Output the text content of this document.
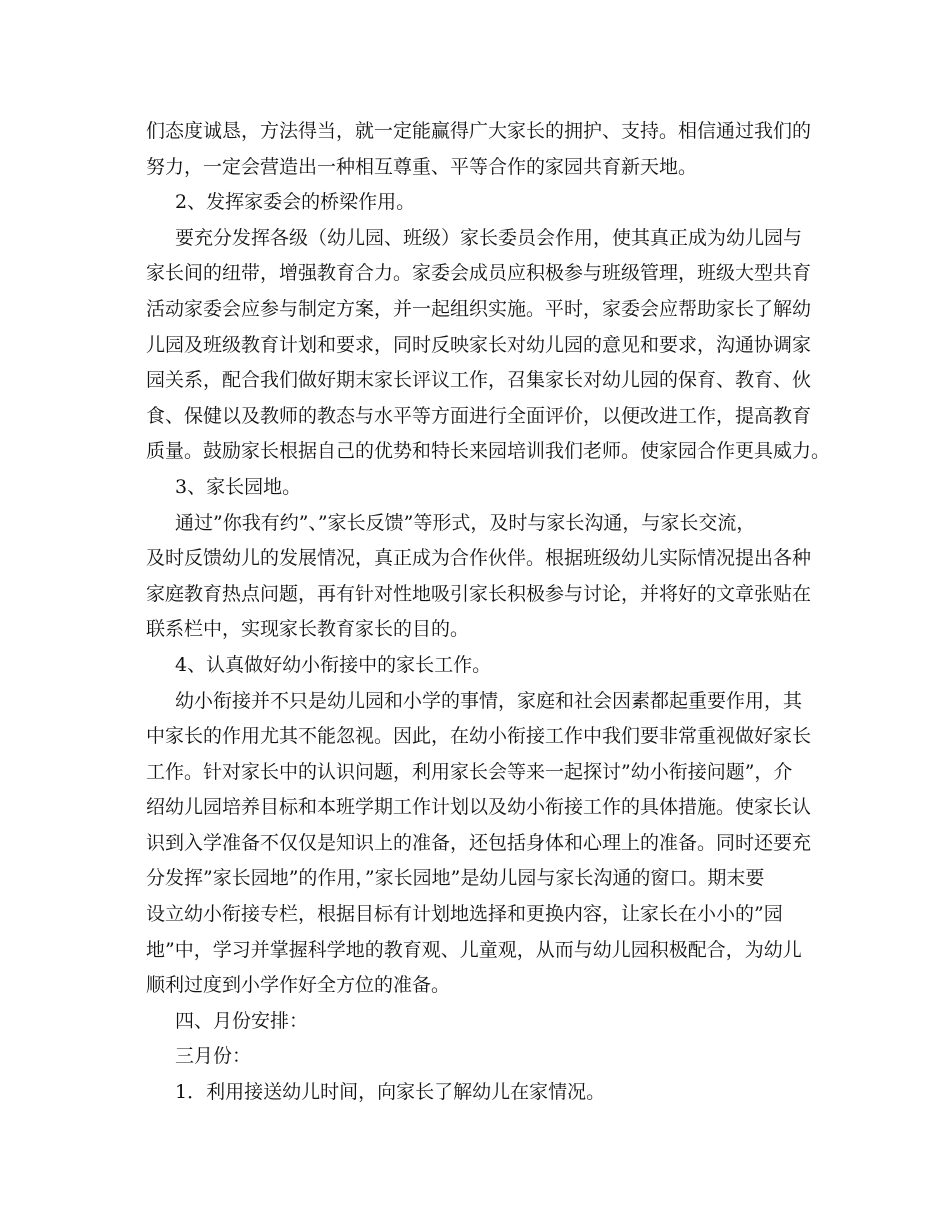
们态度诚恳，方法得当，就一定能赢得广大家长的拥护、支持。相信通过我们的
努力，一定会营造出一种相互尊重、平等合作的家园共育新天地。
2、发挥家委会的桥梁作用。
要充分发挥各级（幼儿园、班级）家长委员会作用，使其真正成为幼儿园与
家长间的纽带，增强教育合力。家委会成员应积极参与班级管理，班级大型共育
活动家委会应参与制定方案，并一起组织实施。平时，家委会应帮助家长了解幼
儿园及班级教育计划和要求，同时反映家长对幼儿园的意见和要求，沟通协调家
园关系，配合我们做好期末家长评议工作，召集家长对幼儿园的保育、教育、伙
食、保健以及教师的教态与水平等方面进行全面评价，以便改进工作，提高教育
质量。鼓励家长根据自己的优势和特长来园培训我们老师。使家园合作更具威力。
3、家长园地。
通过”你我有约”、”家长反馈”等形式，及时与家长沟通，与家长交流，
及时反馈幼儿的发展情况，真正成为合作伙伴。根据班级幼儿实际情况提出各种
家庭教育热点问题，再有针对性地吸引家长积极参与讨论，并将好的文章张贴在
联系栏中，实现家长教育家长的目的。
4、认真做好幼小衔接中的家长工作。
幼小衔接并不只是幼儿园和小学的事情，家庭和社会因素都起重要作用，其
中家长的作用尤其不能忽视。因此，在幼小衔接工作中我们要非常重视做好家长
工作。针对家长中的认识问题，利用家长会等来一起探讨”幼小衔接问题”，介
绍幼儿园培养目标和本班学期工作计划以及幼小衔接工作的具体措施。使家长认
识到入学准备不仅仅是知识上的准备，还包括身体和心理上的准备。同时还要充
分发挥”家长园地”的作用，”家长园地”是幼儿园与家长沟通的窗口。期末要
设立幼小衔接专栏，根据目标有计划地选择和更换内容，让家长在小小的”园
地”中，学习并掌握科学地的教育观、儿童观，从而与幼儿园积极配合，为幼儿
顺利过度到小学作好全方位的准备。
四、月份安排：
三月份：
1．利用接送幼儿时间，向家长了解幼儿在家情况。
